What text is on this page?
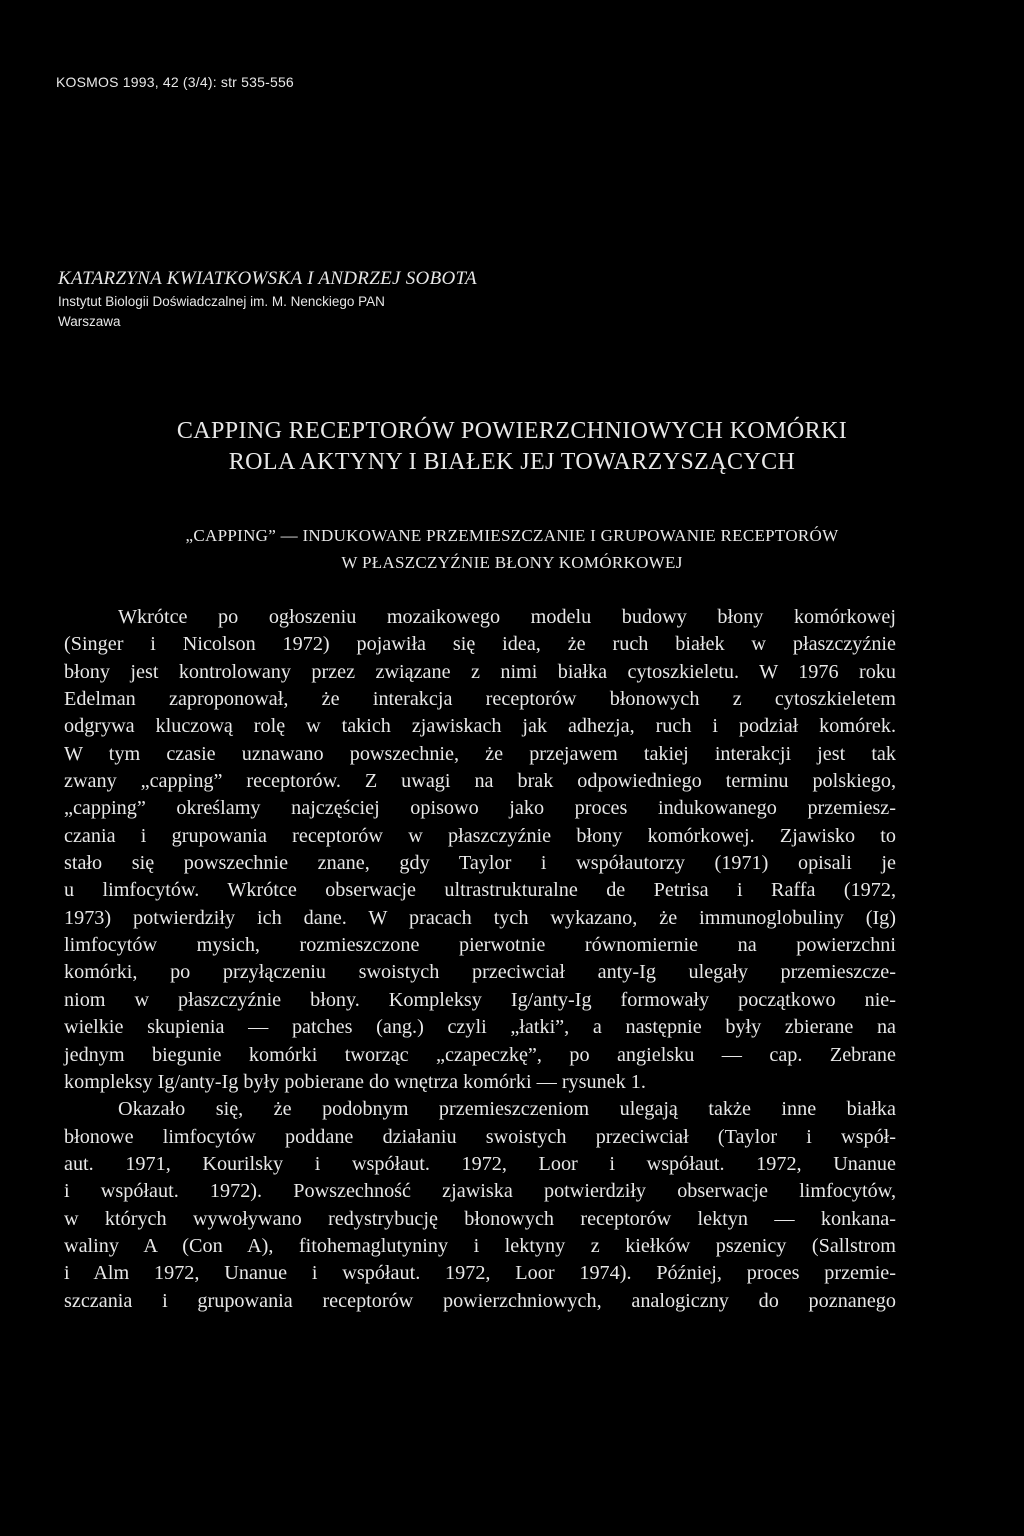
KOSMOS 1993, 42 (3/4): str 535-556
KATARZYNA KWIATKOWSKA I ANDRZEJ SOBOTA
Instytut Biologii Doświadczalnej im. M. Nenckiego PAN
Warszawa
CAPPING RECEPTORÓW POWIERZCHNIOWYCH KOMÓRKI
ROLA AKTYNY I BIAŁEK JEJ TOWARZYSZĄCYCH
„CAPPING” — INDUKOWANE PRZEMIESZCZANIE I GRUPOWANIE RECEPTORÓW
W PŁASZCZYŹNIE BŁONY KOMÓRKOWEJ
Wkrótce po ogłoszeniu mozaikowego modelu budowy błony komórkowej
(Singer i Nicolson 1972) pojawiła się idea, że ruch białek w płaszczyźnie
błony jest kontrolowany przez związane z nimi białka cytoszkieletu. W 1976 roku
Edelman zaproponował, że interakcja receptorów błonowych z cytoszkieletem
odgrywa kluczową rolę w takich zjawiskach jak adhezja, ruch i podział komórek.
W tym czasie uznawano powszechnie, że przejawem takiej interakcji jest tak
zwany „capping” receptorów. Z uwagi na brak odpowiedniego terminu polskiego,
„capping” określamy najczęściej opisowo jako proces indukowanego przemiesz-
czania i grupowania receptorów w płaszczyźnie błony komórkowej. Zjawisko to
stało się powszechnie znane, gdy Taylor i współautorzy (1971) opisali je
u limfocytów. Wkrótce obserwacje ultrastrukturalne de Petrisa i Raffa (1972,
1973) potwierdziły ich dane. W pracach tych wykazano, że immunoglobuliny (Ig)
limfocytów mysich, rozmieszczone pierwotnie równomiernie na powierzchni
komórki, po przyłączeniu swoistych przeciwciał anty-Ig ulegały przemieszcze-
niom w płaszczyźnie błony. Kompleksy Ig/anty-Ig formowały początkowo nie-
wielkie skupienia — patches (ang.) czyli „łatki”, a następnie były zbierane na
jednym biegunie komórki tworząc „czapeczkę”, po angielsku — cap. Zebrane
kompleksy Ig/anty-Ig były pobierane do wnętrza komórki — rysunek 1.
Okazało się, że podobnym przemieszczeniom ulegają także inne białka
błonowe limfocytów poddane działaniu swoistych przeciwciał (Taylor i współ-
aut. 1971, Kourilsky i współaut. 1972, Loor i współaut. 1972, Unanue
i współaut. 1972). Powszechność zjawiska potwierdziły obserwacje limfocytów,
w których wywoływano redystrybucję błonowych receptorów lektyn — konkana-
waliny A (Con A), fitohemaglutyniny i lektyny z kiełków pszenicy (Sallstrom
i Alm 1972, Unanue i współaut. 1972, Loor 1974). Później, proces przemie-
szczania i grupowania receptorów powierzchniowych, analogiczny do poznanego
